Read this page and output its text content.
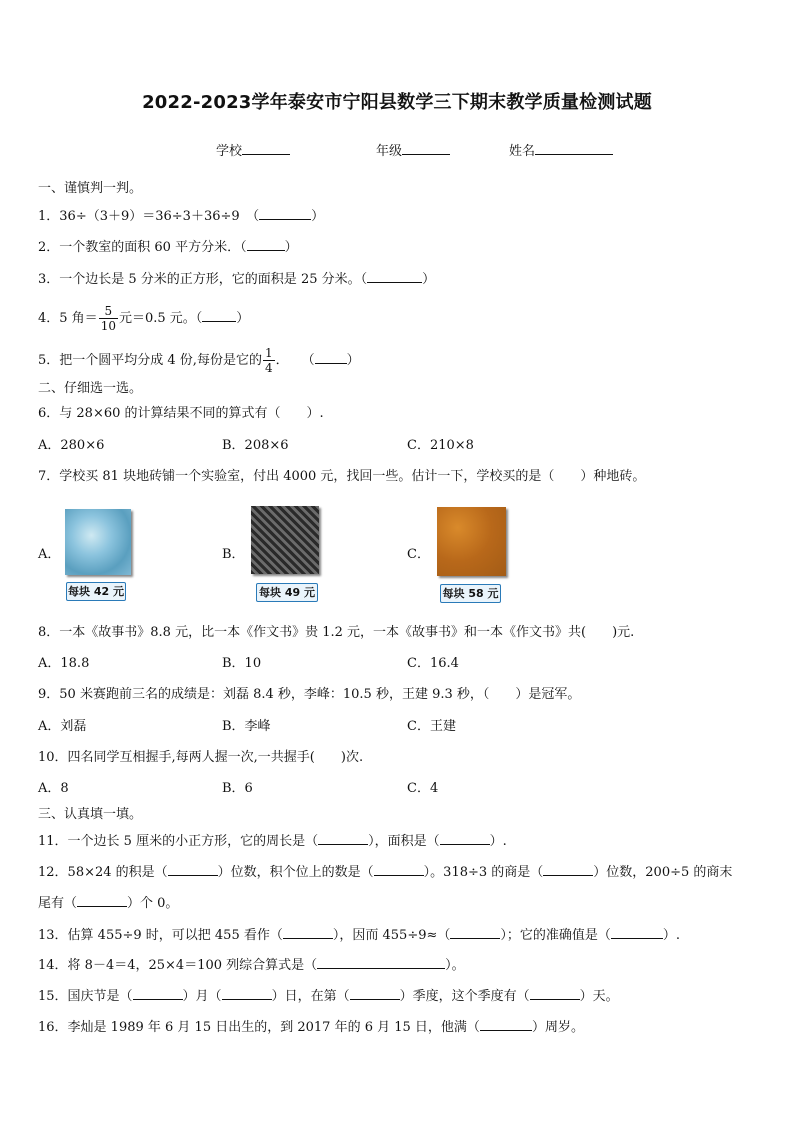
2022-2023学年泰安市宁阳县数学三下期末教学质量检测试题
学校	年级	姓名
一、谨慎判一判。
1．36÷（3＋9）＝36÷3＋36÷9　（	）
2．一个教室的面积 60 平方分米．（	）
3．一个边长是 5 分米的正方形，它的面积是 25 分米。（	）
4．5 角＝ $\frac{5}{10}$ 元＝0.5 元。（	）
5．把一个圆平均分成 4 份,每份是它的 $\frac{1}{4}$ ．　　（ ）
二、仔细选一选。
6．与 28×60 的计算结果不同的算式有（　　）.
A．280×6	B．208×6	C．210×8
7．学校买 81 块地砖铺一个实验室，付出 4000 元，找回一些。估计一下，学校买的是（　　）种地砖。
A．
每块 42 元
B．
每块 49 元
C．
每块 58 元
8．一本《故事书》8.8 元，比一本《作文书》贵 1.2 元，一本《故事书》和一本《作文书》共(　　)元.
A．18.8	B．10	C．16.4
9．50 米赛跑前三名的成绩是：刘磊 8.4 秒，李峰：10.5 秒，王建 9.3 秒，（　　）是冠军。
A．刘磊	B．李峰	C．王建
10．四名同学互相握手,每两人握一次,一共握手(　　)次.
A．8	B．6	C．4
三、认真填一填。
11．一个边长 5 厘米的小正方形，它的周长是（	），面积是（	）.
12．58×24 的积是（	）位数，积个位上的数是（	）。318÷3 的商是（	）位数，200÷5 的商末
尾有（	）个 0。
13．估算 455÷9 时，可以把 455 看作（	），因而 455÷9≈（	）；它的准确值是（	）.
14．将 8－4＝4，25×4＝100 列综合算式是（	）。
15．国庆节是（	）月（	）日，在第（	）季度，这个季度有（	）天。
16．李灿是 1989 年 6 月 15 日出生的，到 2017 年的 6 月 15 日，他满（	）周岁。
